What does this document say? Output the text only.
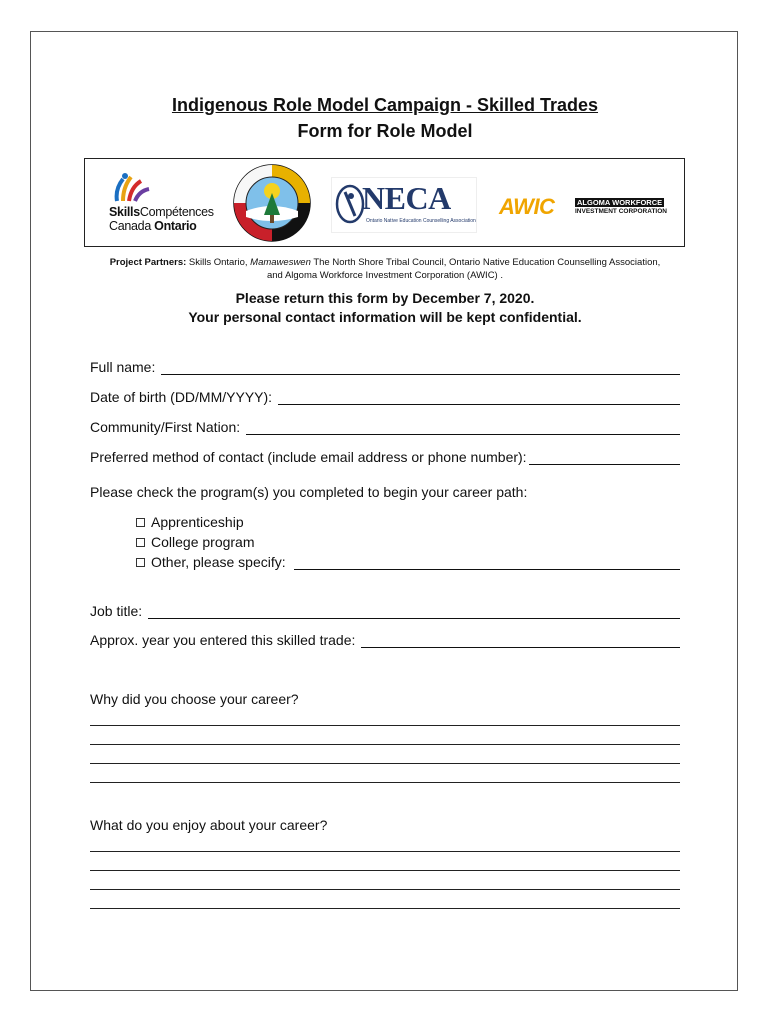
Indigenous Role Model Campaign - Skilled Trades
Form for Role Model
SkillsCompétences
Canada Ontario
NECA
Ontario Native Education Counselling Association
AWIC	ALGOMA WORKFORCE
INVESTMENT CORPORATION
Project Partners: Skills Ontario, Mamaweswen The North Shore Tribal Council, Ontario Native Education Counselling Association,
and Algoma Workforce Investment Corporation (AWIC) .
Please return this form by December 7, 2020.
Your personal contact information will be kept confidential.
Full name:
Date of birth (DD/MM/YYYY):
Community/First Nation:
Preferred method of contact (include email address or phone number):
Please check the program(s) you completed to begin your career path:
Apprenticeship
College program
Other, please specify:
Job title:
Approx. year you entered this skilled trade:
Why did you choose your career?
What do you enjoy about your career?
